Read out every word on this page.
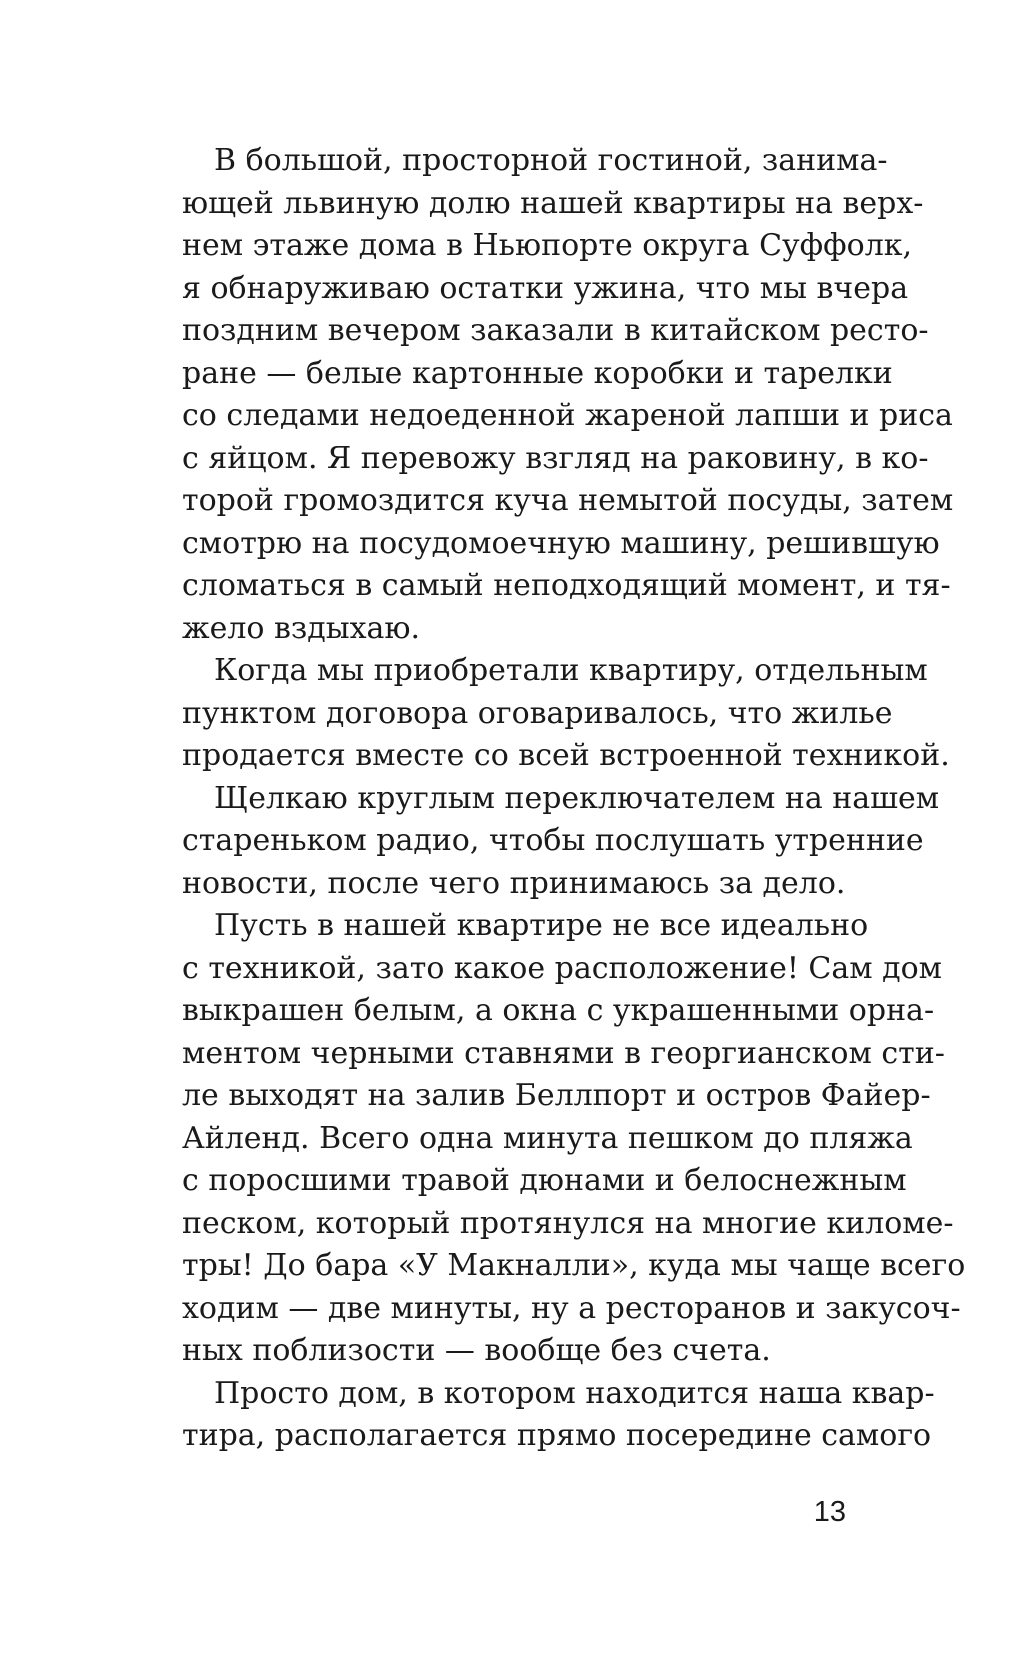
В большой, просторной гостиной, занима-
ющей львиную долю нашей квартиры на верх-
нем этаже дома в Ньюпорте округа Суффолк,
я обнаруживаю остатки ужина, что мы вчера
поздним вечером заказали в китайском ресто-
ране — белые картонные коробки и тарелки
со следами недоеденной жареной лапши и риса
с яйцом. Я перевожу взгляд на раковину, в ко-
торой громоздится куча немытой посуды, затем
смотрю на посудомоечную машину, решившую
сломаться в самый неподходящий момент, и тя-
жело вздыхаю.
Когда мы приобретали квартиру, отдельным
пунктом договора оговаривалось, что жилье
продается вместе со всей встроенной техникой.
Щелкаю круглым переключателем на нашем
стареньком радио, чтобы послушать утренние
новости, после чего принимаюсь за дело.
Пусть в нашей квартире не все идеально
с техникой, зато какое расположение! Сам дом
выкрашен белым, а окна с украшенными орна-
ментом черными ставнями в георгианском сти-
ле выходят на залив Беллпорт и остров Файер-
Айленд. Всего одна минута пешком до пляжа
с поросшими травой дюнами и белоснежным
песком, который протянулся на многие киломе-
тры! До бара «У Макналли», куда мы чаще всего
ходим — две минуты, ну а ресторанов и закусоч-
ных поблизости — вообще без счета.
Просто дом, в котором находится наша квар-
тира, располагается прямо посередине самого
13
